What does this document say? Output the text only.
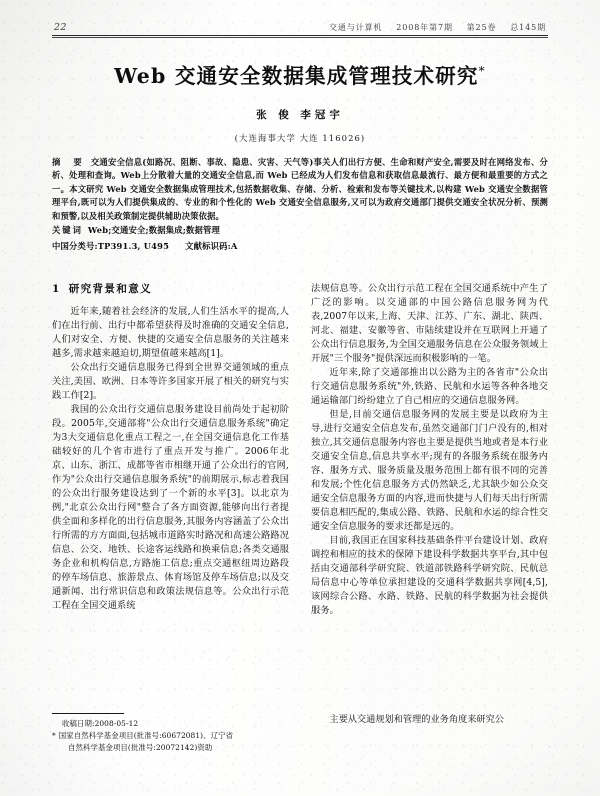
22	交通与计算机 2008年第7期 第25卷 总145期
Web 交通安全数据集成管理技术研究*
张 俊 李冠宇
(大连海事大学 大连 116026)
摘 要 交通安全信息(如路况、阻断、事故、隐患、灾害、天气等)事关人们出行方便、生命和财产安全,需要及时在网络发布、分析、处理和查询。Web上分散着大量的交通安全信息,而 Web 已经成为人们发布信息和获取信息最流行、最方便和最重要的方式之一。本文研究 Web 交通安全数据集成管理技术,包括数据收集、存储、分析、检索和发布等关键技术,以构建 Web 交通安全数据管理平台,既可以为人们提供集成的、专业的和个性化的 Web 交通安全信息服务,又可以为政府交通部门提供交通安全状况分析、预测和预警,以及相关政策制定提供辅助决策依据。
关键词 Web;交通安全;数据集成;数据管理
中国分类号:TP391.3, U495 文献标识码:A
1 研究背景和意义

近年来,随着社会经济的发展,人们生活水平的提高,人们在出行前、出行中都希望获得及时准确的交通安全信息,人们对安全、方便、快捷的交通安全信息服务的关注越来越多,需求越来越迫切,期望值越来越高[1]。

公众出行交通信息服务已得到全世界交通领域的重点关注,美国、欧洲、日本等许多国家开展了相关的研究与实践工作[2]。

我国的公众出行交通信息服务建设目前尚处于起初阶段。2005年,交通部将"公众出行交通信息服务系统"确定为3大交通信息化重点工程之一,在全国交通信息化工作基础较好的几个省市进行了重点开发与推广。2006年北京、山东、浙江、成都等省市相继开通了公众出行的官网,作为"公众出行交通信息服务系统"的前期展示,标志着我国的公众出行服务建设达到了一个新的水平[3]。以北京为例,"北京公众出行网"整合了各方面资源,能够向出行者提供全面和多样化的出行信息服务,其服务内容涵盖了公众出行所需的方方面面,包括城市道路实时路况和高速公路路况信息、公交、地铁、长途客运线路和换乘信息;各类交通服务企业和机构信息,方路施工信息;重点交通枢纽周边路段的停车场信息、旅游景点、体育场馆及停车场信息;以及交通新闻、出行常识信息和政策法规信息等。公众出行示范工程在全国交通系统

法规信息等。公众出行示范工程在全国交通系统中产生了广泛的影响。以交通部的中国公路信息服务网为代表,2007年以来,上海、天津、江苏、广东、湖北、陕西、河北、福建、安徽等省、市陆续建设并在互联网上开通了公众出行信息服务,为全国交通服务信息在公众服务领域上开展"三个服务"提供深远而积极影响的一笔。

近年来,除了交通部推出以公路为主的各省市"公众出行交通信息服务系统"外,铁路、民航和水运等各种各地交通运输部门纷纷建立了自己相应的交通信息服务网。

但是,目前交通信息服务网的发展主要是以政府为主导,进行交通安全信息发布,虽然交通部门门户没有的,相对独立,其交通信息服务内容也主要是提供当地或者是本行业交通安全信息,信息共享水平;现有的各服务系统在服务内容、服务方式、服务质量及服务范围上都有很不同的完善和发展;个性化信息服务方式仍然缺乏,尤其缺少如公众交通安全信息服务方面的内容,进而快捷与人们每天出行所需要信息相匹配的,集成公路、铁路、民航和水运的综合性交通安全信息服务的要求还都是远的。

目前,我国正在国家科技基础条件平台建设计划、政府调控和相应的技术的保障下建设科学数据共享平台,其中包括由交通部科学研究院、铁道部铁路科学研究院、民航总局信息中心等单位承担建设的交通科学数据共享网[4,5],该网综合公路、水路、铁路、民航的科学数据为社会提供服务。

收稿日期:2008-05-12

* 国家自然科学基金项目(批准号:60672081)、辽宁省

自然科学基金项目(批准号:20072142)资助

主要从交通规划和管理的业务角度来研究公
